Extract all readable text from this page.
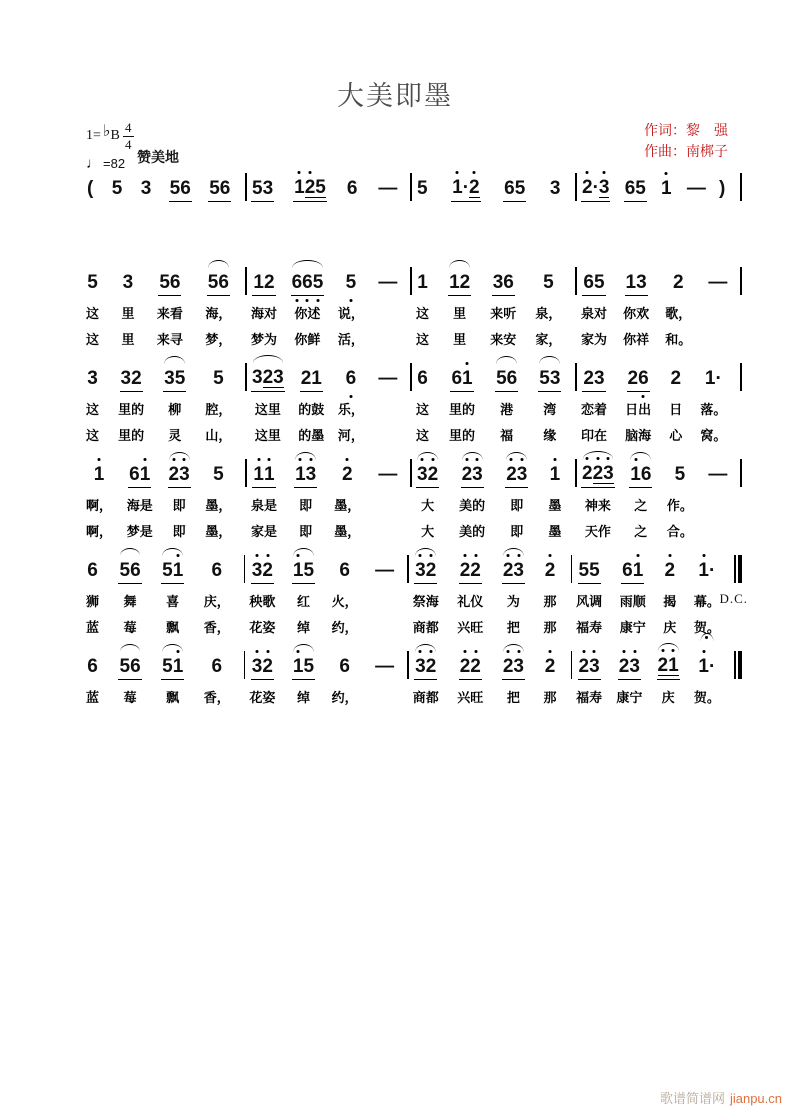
大美即墨
1= ♭ B $\frac{4}{4}$
♩ =82 赞美地
作词：黎　强
作曲：南梆子
( 5 3 5 6 5 6 5 3 1 2 5 6 — 5 1 · 2 6 5 3 2 · 3 6 5 1 — )
5
这
这
3
里
里
5 6
来看
来寻
5 6
海，
梦，
1 2
海对
梦为
6 6 5
你述
你鲜
5
说，
活，
—

1
这
这
1 2
里
里
3 6
来听
来安
5
泉，
家，
6 5
泉对
家为
1 3
你欢
你祥
2
歌，
和。
—

3
这
这
3 2
里的
里的
3 5
柳
灵
5
腔，
山，
3 2 3
这里
这里
2 1
的鼓
的墨
6
乐，
河，
—

6
这
这
6 1
里的
里的
5 6
港
福
5 3
湾
缘
2 3
恋着
印在
2 6
日出
脑海
2
日
心
1 ·
落。
窝。
1
啊，
啊，
6 1
海是
梦是
2 3
即
即
5
墨，
墨，
1 1
泉是
家是
1 3
即
即
2
墨，
墨，
—

3 2
大
大
2 3
美的
美的
2 3
即
即
1
墨
墨
2 2 3
神来
天作
1 6
之
之
5
作。
合。
—

6
狮
蓝
5 6
舞
莓
5 1
喜
飘
6
庆，
香，
3 2
秧歌
花姿
1 5
红
绰
6
火，
约，
—

3 2
祭海
商都
2 2
礼仪
兴旺
2 3
为
把
2
那
那
5 5
风调
福寿
6 1
雨顺
康宁
2
揭
庆
1 ·
幕。
贺。
D.C.
6
蓝
5 6
莓
5 1
飘
6
香，
3 2
花姿
1 5
绰
6
约，
—
3 2
商都
2 2
兴旺
2 3
把
2
那
2 3
福寿
2 3
康宁
2 1
庆
1 ·
贺。
歌谱简谱网 jianpu.cn
